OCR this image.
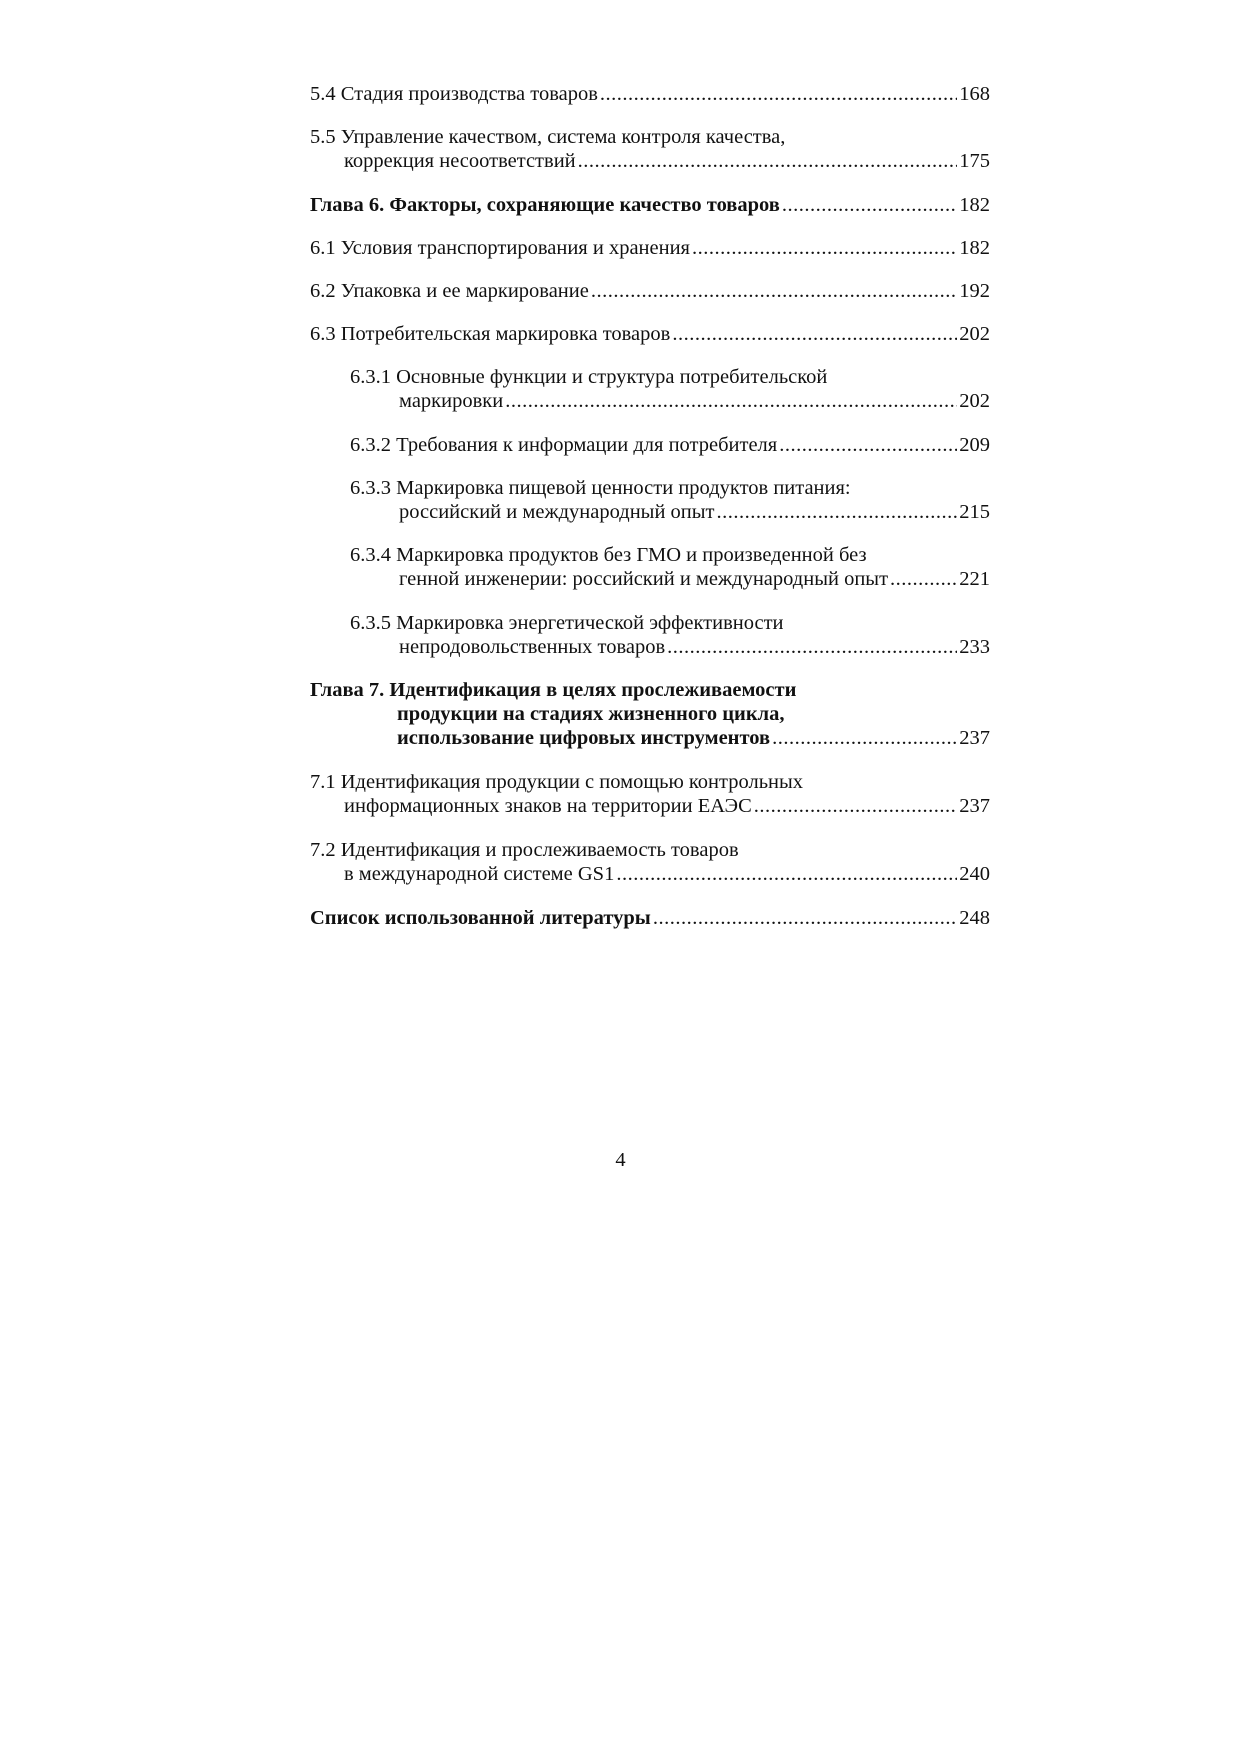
5.4 Стадия производства товаров .....	168
5.5 Управление качеством, система контроля качества,
коррекция несоответствий .....	175
Глава 6. Факторы, сохраняющие качество товаров .....	182
6.1 Условия транспортирования и хранения .....	182
6.2 Упаковка и ее маркирование .....	192
6.3 Потребительская маркировка товаров .....	202
6.3.1 Основные функции и структура потребительской
маркировки .....	202
6.3.2 Требования к информации для потребителя .....	209
6.3.3 Маркировка пищевой ценности продуктов питания:
российский и международный опыт .....	215
6.3.4 Маркировка продуктов без ГМО и произведенной без
генной инженерии: российский и международный опыт .....	221
6.3.5 Маркировка энергетической эффективности
непродовольственных товаров .....	233
Глава 7. Идентификация в целях прослеживаемости
продукции на стадиях жизненного цикла,
использование цифровых инструментов .....	237
7.1 Идентификация продукции с помощью контрольных
информационных знаков на территории ЕАЭС .....	237
7.2 Идентификация и прослеживаемость товаров
в международной системе GS1 .....	240
Список использованной литературы .....	248
4
